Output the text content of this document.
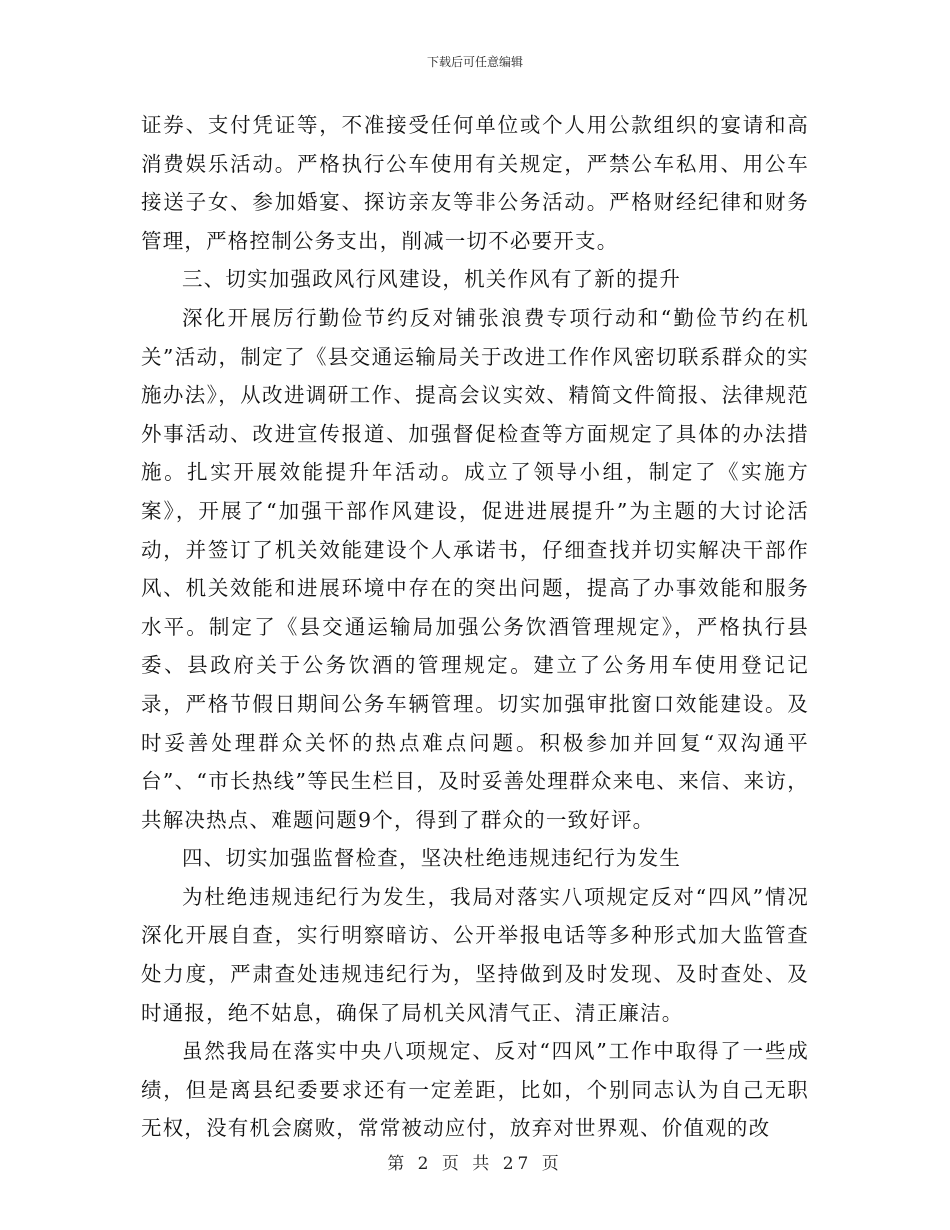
下载后可任意编辑

证券、支付凭证等，不准接受任何单位或个人用公款组织的宴请和高消费娱乐活动。严格执行公车使用有关规定，严禁公车私用、用公车接送子女、参加婚宴、探访亲友等非公务活动。严格财经纪律和财务管理，严格控制公务支出，削减一切不必要开支。

三、切实加强政风行风建设，机关作风有了新的提升

深化开展厉行勤俭节约反对铺张浪费专项行动和“勤俭节约在机关”活动，制定了《县交通运输局关于改进工作作风密切联系群众的实施办法》，从改进调研工作、提高会议实效、精简文件简报、法律规范外事活动、改进宣传报道、加强督促检查等方面规定了具体的办法措施。扎实开展效能提升年活动。成立了领导小组，制定了《实施方案》，开展了“加强干部作风建设，促进进展提升”为主题的大讨论活动，并签订了机关效能建设个人承诺书，仔细查找并切实解决干部作风、机关效能和进展环境中存在的突出问题，提高了办事效能和服务水平。制定了《县交通运输局加强公务饮酒管理规定》，严格执行县委、县政府关于公务饮酒的管理规定。建立了公务用车使用登记记录，严格节假日期间公务车辆管理。切实加强审批窗口效能建设。及时妥善处理群众关怀的热点难点问题。积极参加并回复“双沟通平台”、“市长热线”等民生栏目，及时妥善处理群众来电、来信、来访，共解决热点、难题问题9个，得到了群众的一致好评。

四、切实加强监督检查，坚决杜绝违规违纪行为发生

为杜绝违规违纪行为发生，我局对落实八项规定反对“四风”情况深化开展自查，实行明察暗访、公开举报电话等多种形式加大监管查处力度，严肃查处违规违纪行为，坚持做到及时发现、及时查处、及时通报，绝不姑息，确保了局机关风清气正、清正廉洁。

虽然我局在落实中央八项规定、反对“四风”工作中取得了一些成绩，但是离县纪委要求还有一定差距，比如，个别同志认为自己无职无权，没有机会腐败，常常被动应付，放弃对世界观、价值观的改

第 2 页 共 27 页
